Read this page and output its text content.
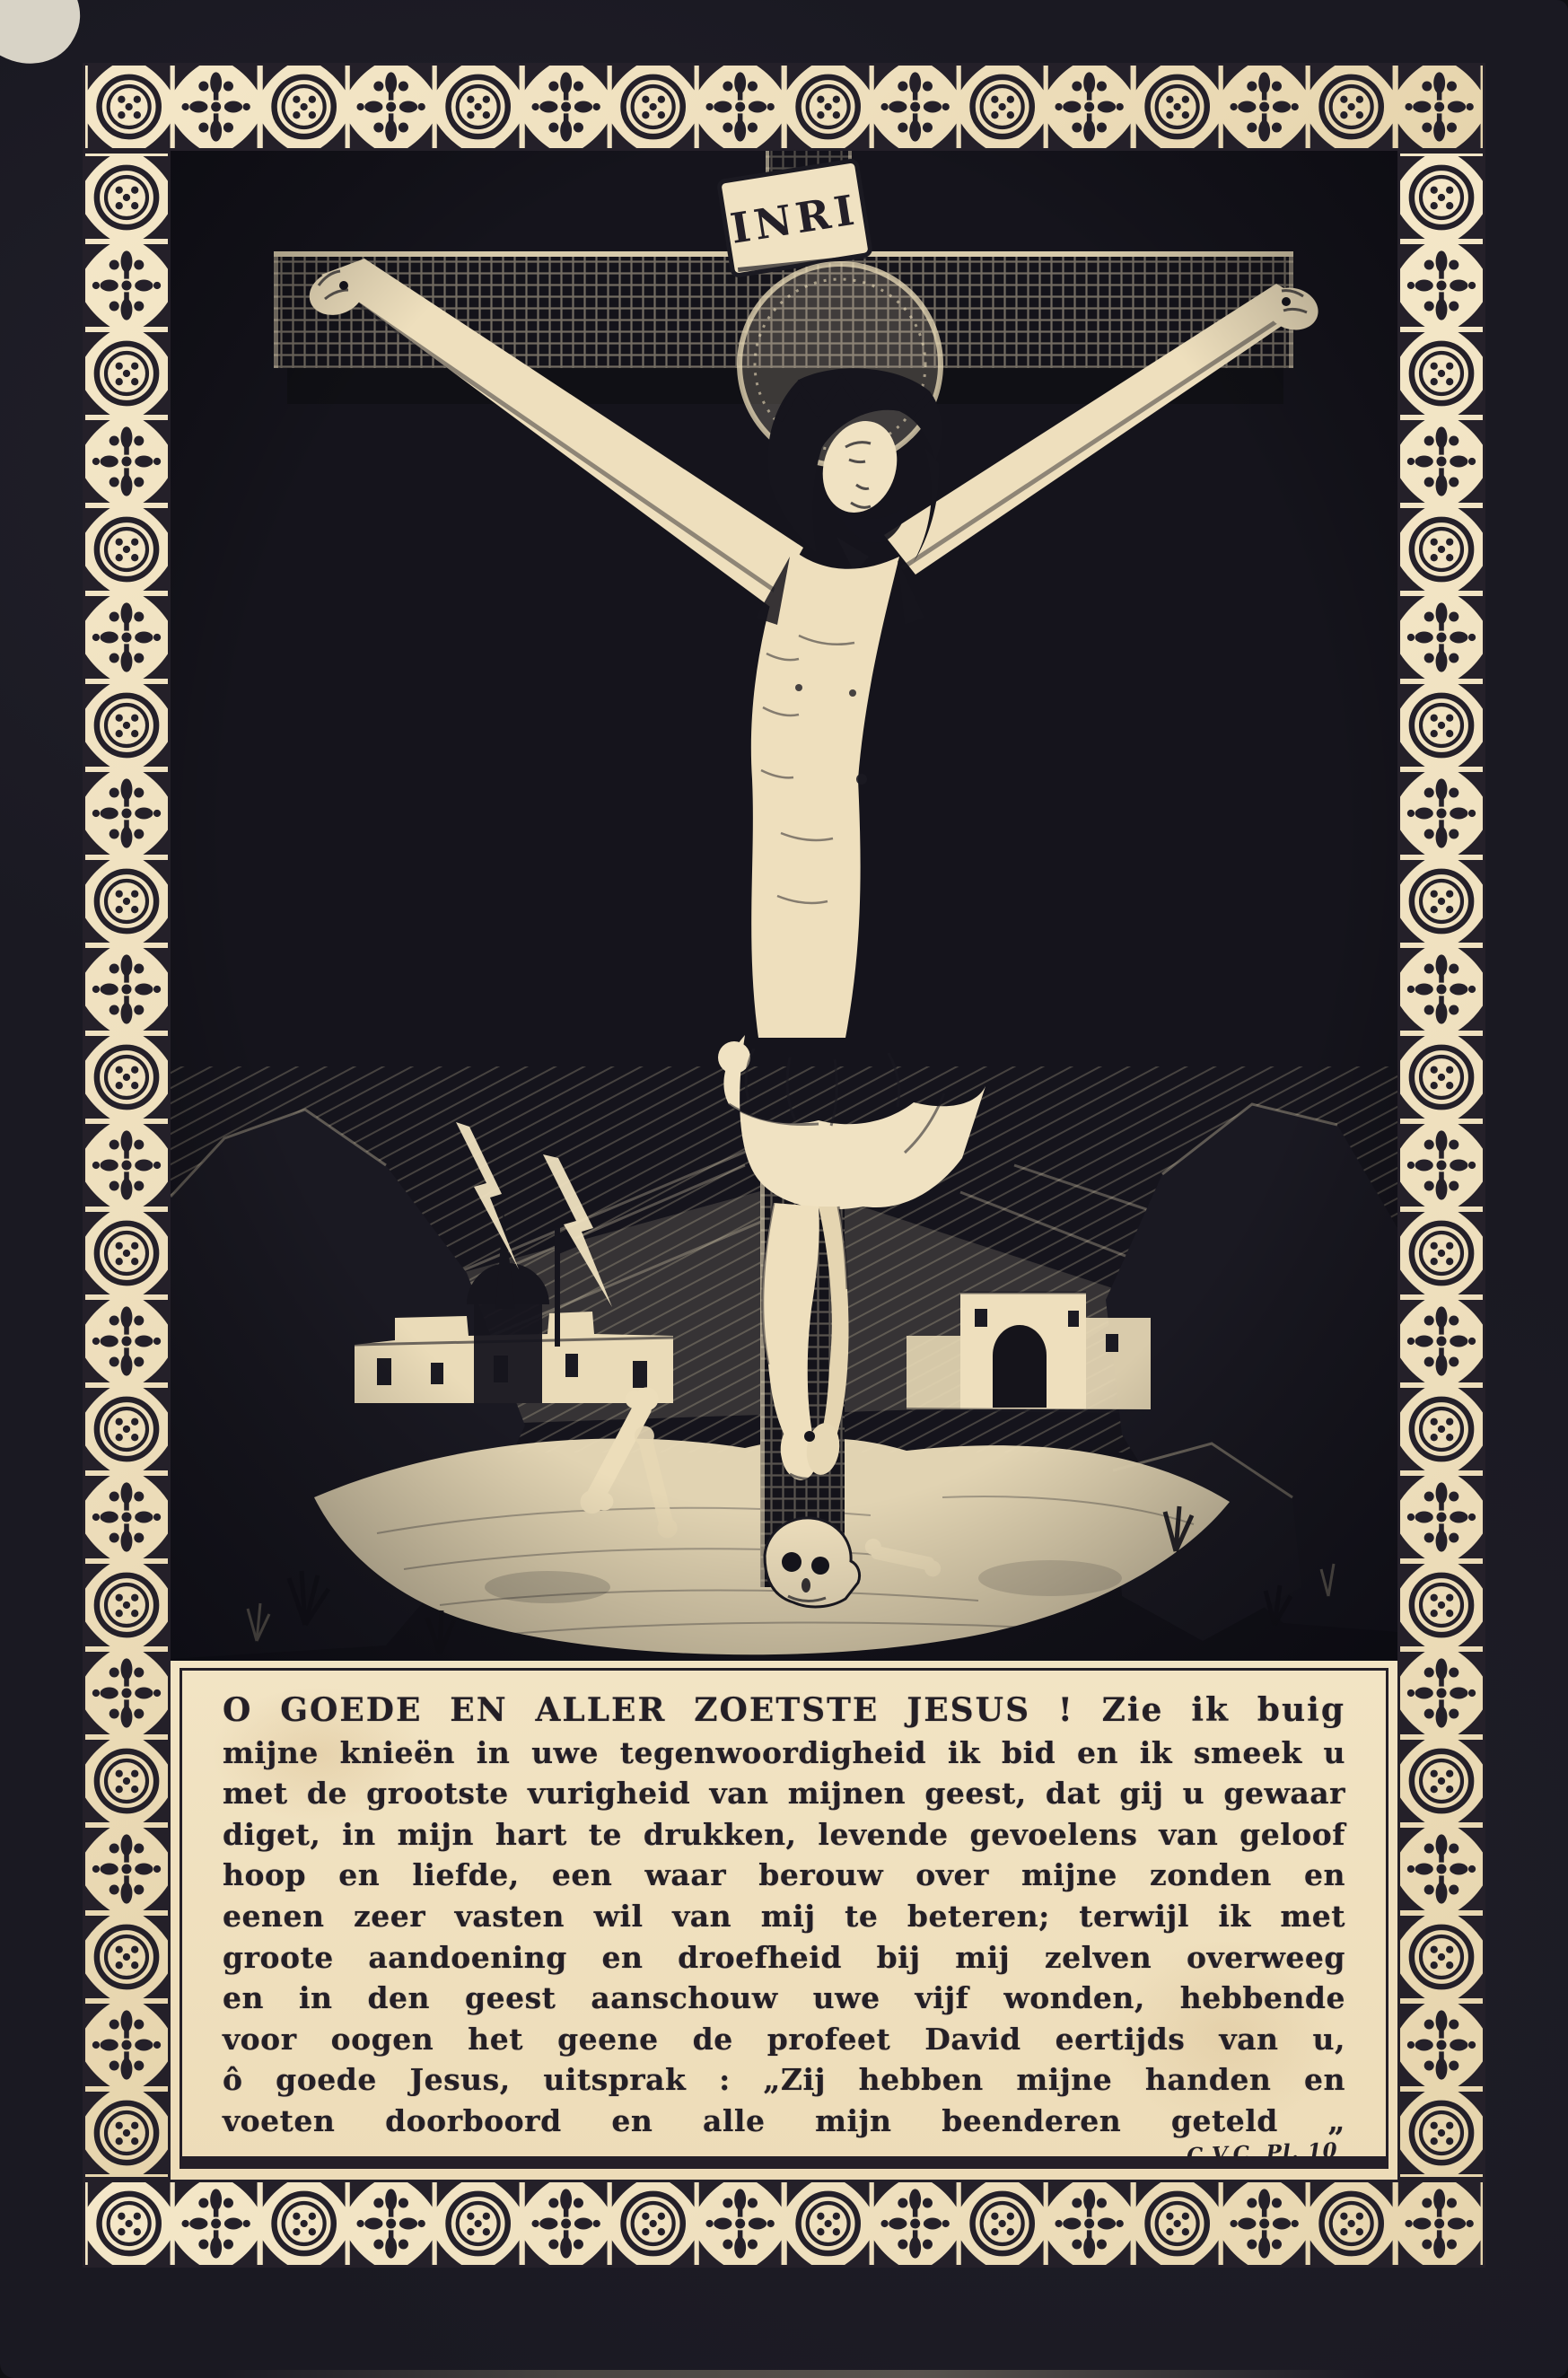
O GOEDE EN ALLER ZOETSTE JESUS ! Zie ik buig
mijne knieën in uwe tegenwoordigheid ik bid en ik smeek u
met de grootste vurigheid van mijnen geest, dat gij u gewaar
diget, in mijn hart te drukken, levende gevoelens van geloof
hoop en liefde, een waar berouw over mijne zonden en
eenen zeer vasten wil van mij te beteren; terwijl ik met
groote aandoening en droefheid bij mij zelven overweeg
en in den geest aanschouw uwe vijf wonden, hebbende
voor oogen het geene de profeet David eertijds van u,
ô goede Jesus, uitsprak : „Zij hebben mijne handen en
voeten doorboord en alle mijn beenderen geteld „
C.V.C. Pl. 10
